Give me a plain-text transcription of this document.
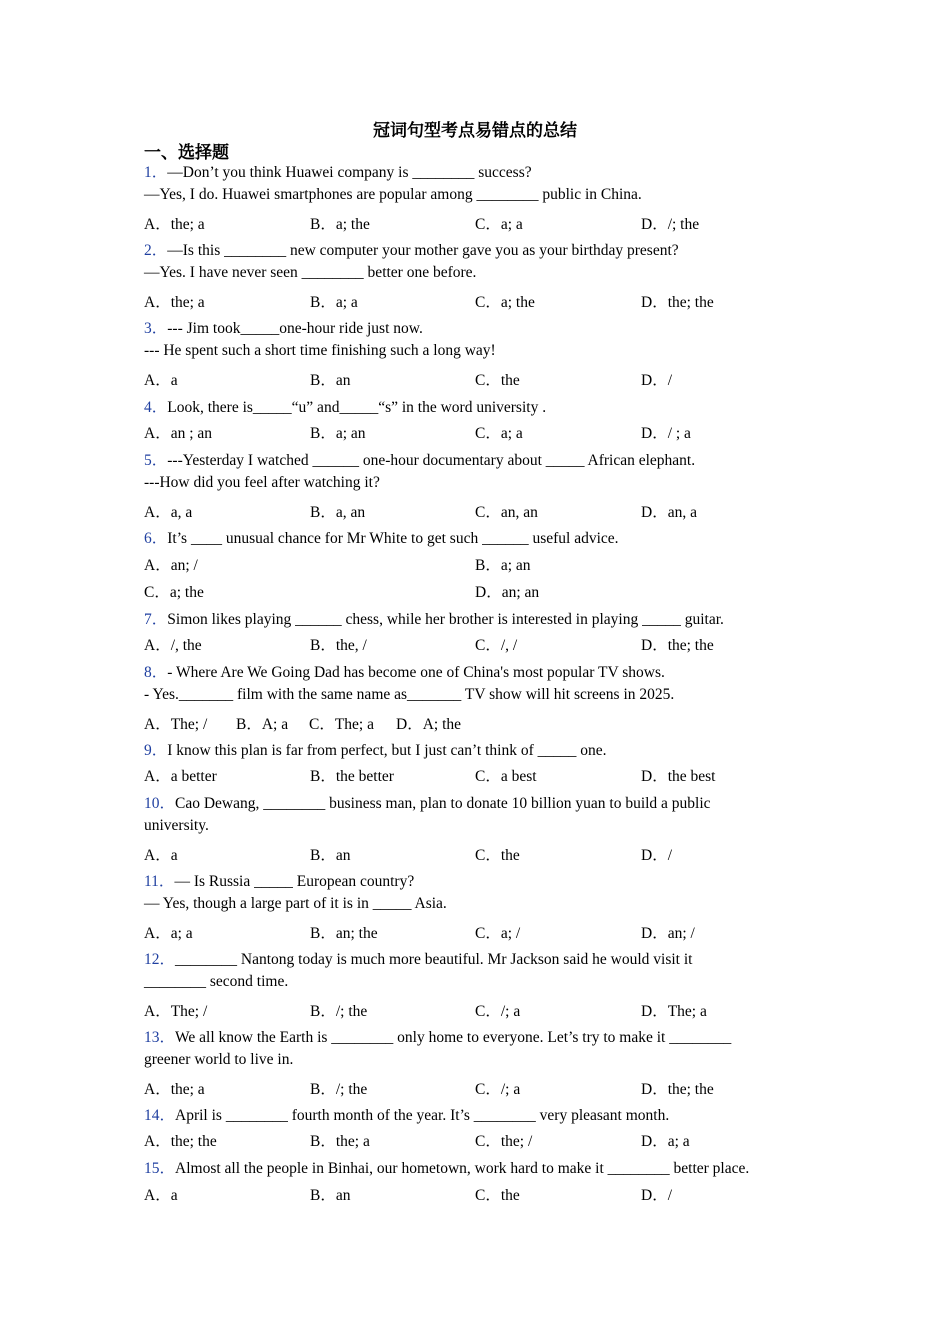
冠词句型考点易错点的总结
一、选择题
1．—Don’t you think Huawei company is ________ success?
—Yes, I do. Huawei smartphones are popular among ________ public in China.
A．the; a	B．a; the	C．a; a	D．/; the
2．—Is this ________ new computer your mother gave you as your birthday present?
—Yes. I have never seen ________ better one before.
A．the; a	B．a; a	C．a; the	D．the; the
3．--- Jim took_____one-hour ride just now.
--- He spent such a short time finishing such a long way!
A．a	B．an	C．the	D．/
4．Look, there is_____“u” and_____“s” in the word university .
A．an ; an	B．a; an	C．a; a	D．/ ; a
5．---Yesterday I watched ______ one-hour documentary about _____ African elephant.
---How did you feel after watching it?
A．a, a	B．a, an	C．an, an	D．an, a
6．It’s ____ unusual chance for Mr White to get such ______ useful advice.
A．an; /	B．a; an
C．a; the	D．an; an
7．Simon likes playing ______ chess, while her brother is interested in playing _____ guitar.
A．/, the	B．the, /	C．/, /	D．the; the
8．- Where Are We Going Dad has become one of China's most popular TV shows.
- Yes._______ film with the same name as_______ TV show will hit screens in 2025.
A．The; / B．A; a C．The; a D．A; the
9．I know this plan is far from perfect, but I just can’t think of _____ one.
A．a better	B．the better	C．a best	D．the best
10．Cao Dewang, ________ business man, plan to donate 10 billion yuan to build a public
university.
A．a	B．an	C．the	D．/
11．— Is Russia _____ European country?
— Yes, though a large part of it is in _____ Asia.
A．a; a	B．an; the	C．a; /	D．an; /
12．________ Nantong today is much more beautiful. Mr Jackson said he would visit it
________ second time.
A．The; /	B．/; the	C．/; a	D．The; a
13．We all know the Earth is ________ only home to everyone. Let’s try to make it ________
greener world to live in.
A．the; a	B．/; the	C．/; a	D．the; the
14．April is ________ fourth month of the year. It’s ________ very pleasant month.
A．the; the	B．the; a	C．the; /	D．a; a
15．Almost all the people in Binhai, our hometown, work hard to make it ________ better place.
A．a	B．an	C．the	D．/
